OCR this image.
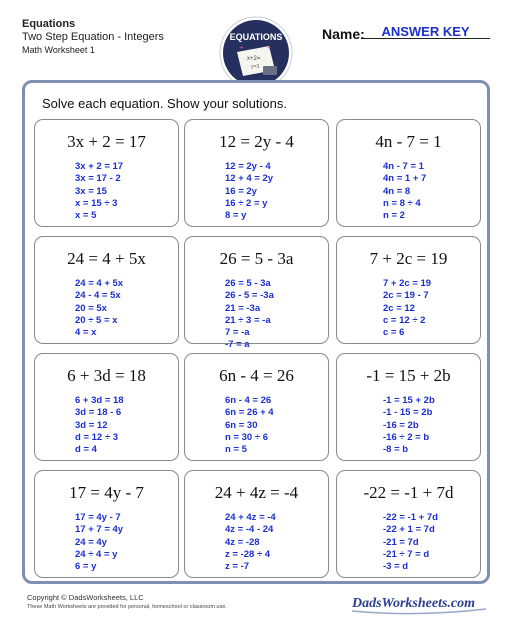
Equations
Two Step Equation - Integers
Math Worksheet 1
EQUATIONS
x+2=
y=3
+	÷
Name:	ANSWER KEY
Solve each equation. Show your solutions.
3x + 2 = 17
3x + 2 = 17
3x = 17 - 2
3x = 15
x = 15 ÷ 3
x = 5
12 = 2y - 4
12 = 2y - 4
12 + 4 = 2y
16 = 2y
16 ÷ 2 = y
8 = y
4n - 7 = 1
4n - 7 = 1
4n = 1 + 7
4n = 8
n = 8 ÷ 4
n = 2
24 = 4 + 5x
24 = 4 + 5x
24 - 4 = 5x
20 = 5x
20 ÷ 5 = x
4 = x
26 = 5 - 3a
26 = 5 - 3a
26 - 5 = -3a
21 = -3a
21 ÷ 3 = -a
7 = -a
-7 = a
7 + 2c = 19
7 + 2c = 19
2c = 19 - 7
2c = 12
c = 12 ÷ 2
c = 6
6 + 3d = 18
6 + 3d = 18
3d = 18 - 6
3d = 12
d = 12 ÷ 3
d = 4
6n - 4 = 26
6n - 4 = 26
6n = 26 + 4
6n = 30
n = 30 ÷ 6
n = 5
-1 = 15 + 2b
-1 = 15 + 2b
-1 - 15 = 2b
-16 = 2b
-16 ÷ 2 = b
-8 = b
17 = 4y - 7
17 = 4y - 7
17 + 7 = 4y
24 = 4y
24 ÷ 4 = y
6 = y
24 + 4z = -4
24 + 4z = -4
4z = -4 - 24
4z = -28
z = -28 ÷ 4
z = -7
-22 = -1 + 7d
-22 = -1 + 7d
-22 + 1 = 7d
-21 = 7d
-21 ÷ 7 = d
-3 = d
Copyright © DadsWorksheets, LLC
These Math Worksheets are provided for personal, homeschool or classroom use.	DadsWorksheets.com
